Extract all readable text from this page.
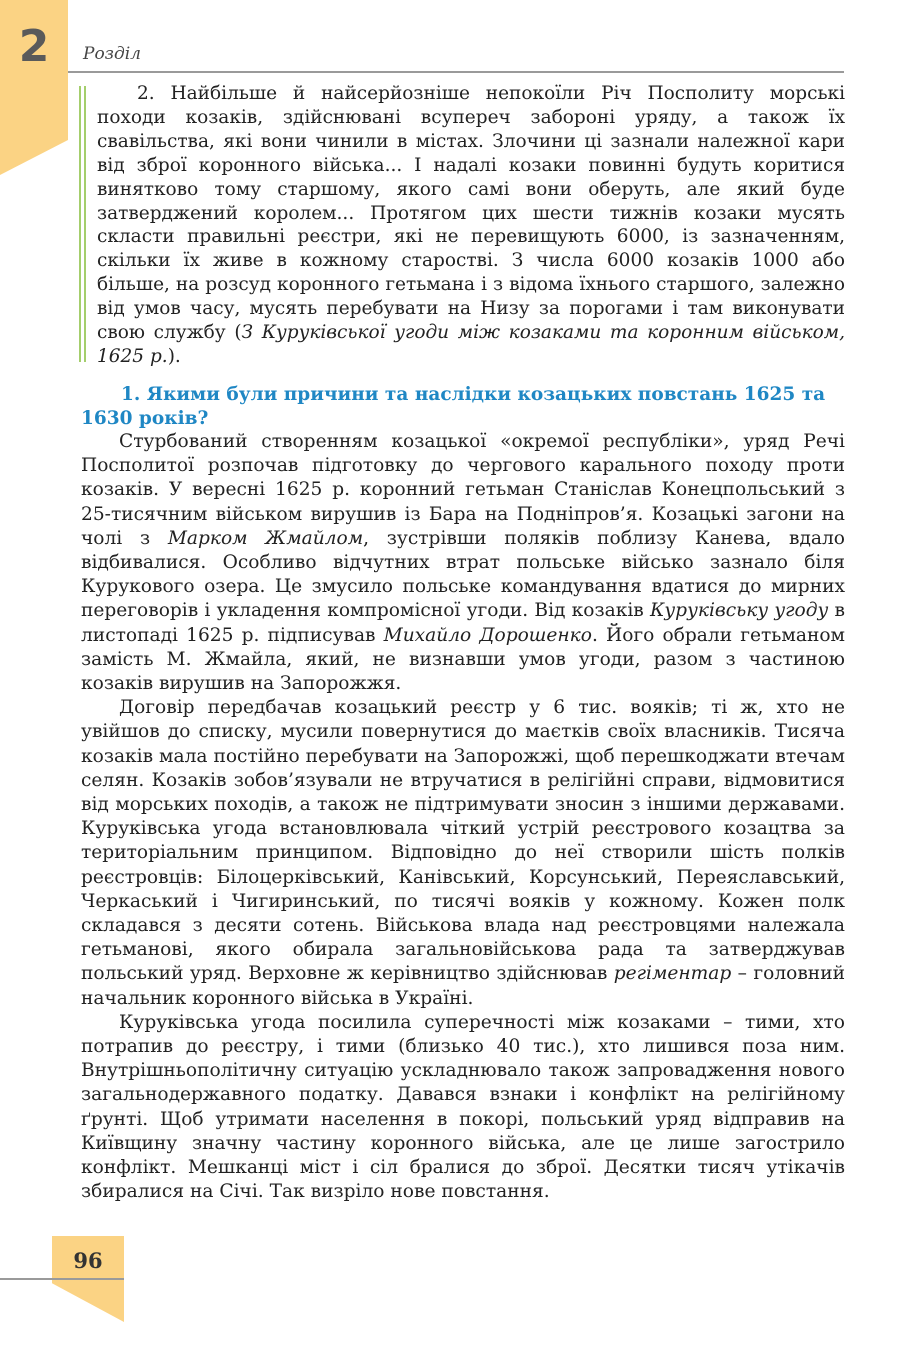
2	Розділ

2. Найбільше й найсерйозніше непокоїли Річ Посполиту морські походи козаків, здійснювані всупереч забороні уряду, а також їх свавільства, які вони чинили в містах. Злочини ці зазнали належної кари від зброї коронного війська... І надалі козаки повинні будуть коритися винятково тому старшому, якого самі вони оберуть, але який буде затверджений королем... Протягом цих шести тижнів козаки мусять скласти правильні реєстри, які не перевищують 6000, із зазначенням, скільки їх живе в кожному старостві. З числа 6000 козаків 1000 або більше, на розсуд коронного гетьмана і з відома їхнього старшого, залежно від умов часу, мусять перебувати на Низу за порогами і там виконувати свою службу (З Куруківської угоди між козаками та коронним військом, 1625 р.).

1. Якими були причини та наслідки козацьких повстань 1625 та 1630 років?

Стурбований створенням козацької «окремої республіки», уряд Речі Посполитої розпочав підготовку до чергового карального походу проти козаків. У вересні 1625 р. коронний гетьман Станіслав Конецпольський з 25-тисячним військом вирушив із Бара на Подніпров’я. Козацькі загони на чолі з Марком Жмайлом, зустрівши поляків поблизу Канева, вдало відбивалися. Особливо відчутних втрат польське військо зазнало біля Курукового озера. Це змусило польське командування вдатися до мирних переговорів і укладення компромісної угоди. Від козаків Куруківську угоду в листопаді 1625 р. підписував Михайло Дорошенко. Його обрали гетьманом замість М. Жмайла, який, не визнавши умов угоди, разом з частиною козаків вирушив на Запорожжя.

Договір передбачав козацький реєстр у 6 тис. вояків; ті ж, хто не увійшов до списку, мусили повернутися до маєтків своїх власників. Тисяча козаків мала постійно перебувати на Запорожжі, щоб перешкоджати втечам селян. Козаків зобов’язували не втручатися в релігійні справи, відмовитися від морських походів, а також не підтримувати зносин з іншими державами. Куруківська угода встановлювала чіткий устрій реєстрового козацтва за територіальним принципом. Відповідно до неї створили шість полків реєстровців: Білоцерківський, Канівський, Корсунський, Переяславський, Черкаський і Чигиринський, по тисячі вояків у кожному. Кожен полк складався з десяти сотень. Військова влада над реєстровцями належала гетьманові, якого обирала загальновійськова рада та затверджував польський уряд. Верховне ж керівництво здійснював регіментар – головний начальник коронного війська в Україні.

Куруківська угода посилила суперечності між козаками – тими, хто потрапив до реєстру, і тими (близько 40 тис.), хто лишився поза ним. Внутрішньополітичну ситуацію ускладнювало також запровадження нового загальнодержавного податку. Давався взнаки і конфлікт на релігійному ґрунті. Щоб утримати населення в покорі, польський уряд відправив на Київщину значну частину коронного війська, але це лише загострило конфлікт. Мешканці міст і сіл бралися до зброї. Десятки тисяч утікачів збиралися на Січі. Так визріло нове повстання.

96
